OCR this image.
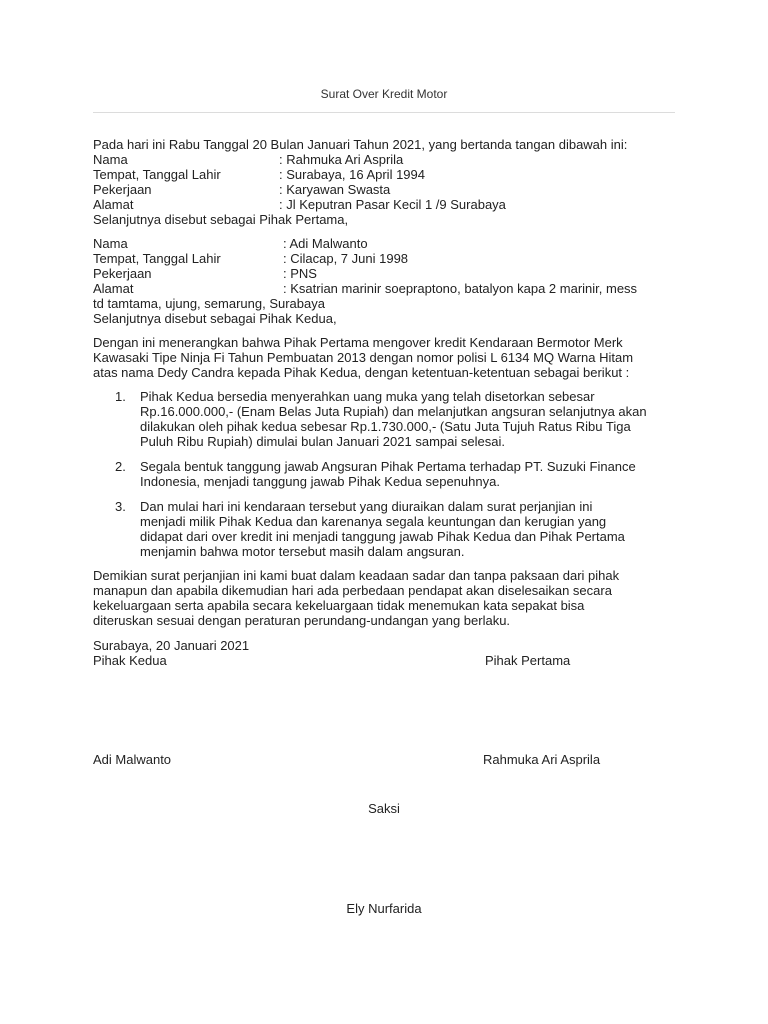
Surat Over Kredit Motor
Pada hari ini Rabu Tanggal 20 Bulan Januari Tahun 2021, yang bertanda tangan dibawah ini:
Nama	: Rahmuka Ari Asprila
Tempat, Tanggal Lahir	: Surabaya, 16 April 1994
Pekerjaan	: Karyawan Swasta
Alamat	: Jl Keputran Pasar Kecil 1 /9 Surabaya
Selanjutnya disebut sebagai Pihak Pertama,
Nama	: Adi Malwanto
Tempat, Tanggal Lahir	: Cilacap, 7 Juni 1998
Pekerjaan	: PNS
Alamat	: Ksatrian marinir soepraptono, batalyon kapa 2 marinir, mess
td tamtama, ujung, semarung, Surabaya
Selanjutnya disebut sebagai Pihak Kedua,
Dengan ini menerangkan bahwa Pihak Pertama mengover kredit Kendaraan Bermotor Merk
Kawasaki Tipe Ninja Fi Tahun Pembuatan 2013 dengan nomor polisi L 6134 MQ Warna Hitam
atas nama Dedy Candra kepada Pihak Kedua, dengan ketentuan-ketentuan sebagai berikut :
1. Pihak Kedua bersedia menyerahkan uang muka yang telah disetorkan sebesar
Rp.16.000.000,- (Enam Belas Juta Rupiah) dan melanjutkan angsuran selanjutnya akan
dilakukan oleh pihak kedua sebesar Rp.1.730.000,- (Satu Juta Tujuh Ratus Ribu Tiga
Puluh Ribu Rupiah) dimulai bulan Januari 2021 sampai selesai.
2. Segala bentuk tanggung jawab Angsuran Pihak Pertama terhadap PT. Suzuki Finance
Indonesia, menjadi tanggung jawab Pihak Kedua sepenuhnya.
3. Dan mulai hari ini kendaraan tersebut yang diuraikan dalam surat perjanjian ini
menjadi milik Pihak Kedua dan karenanya segala keuntungan dan kerugian yang
didapat dari over kredit ini menjadi tanggung jawab Pihak Kedua dan Pihak Pertama
menjamin bahwa motor tersebut masih dalam angsuran.
Demikian surat perjanjian ini kami buat dalam keadaan sadar dan tanpa paksaan dari pihak
manapun dan apabila dikemudian hari ada perbedaan pendapat akan diselesaikan secara
kekeluargaan serta apabila secara kekeluargaan tidak menemukan kata sepakat bisa
diteruskan sesuai dengan peraturan perundang-undangan yang berlaku.
Surabaya, 20 Januari 2021
Pihak Kedua	Pihak Pertama
Adi Malwanto	Rahmuka Ari Asprila
Saksi
Ely Nurfarida
